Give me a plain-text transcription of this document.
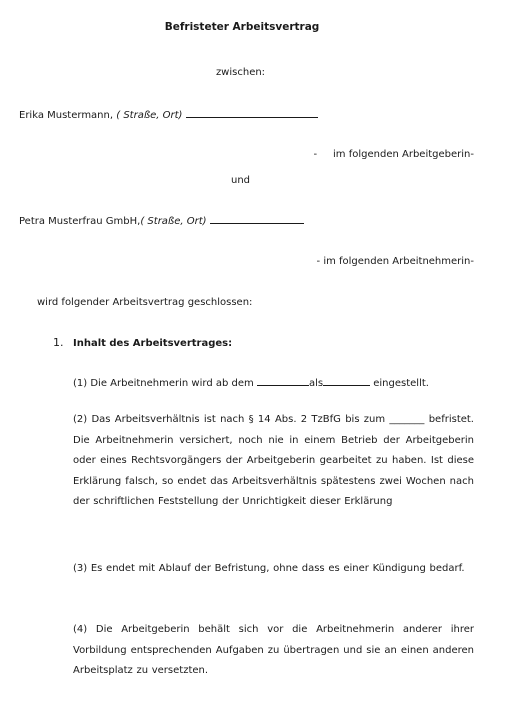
Befristeter Arbeitsvertrag
zwischen:
Erika Mustermann, ( Straße, Ort)
-     im folgenden Arbeitgeberin-
und
Petra Musterfrau GmbH,( Straße, Ort)
- im folgenden Arbeitnehmerin-
wird folgender Arbeitsvertrag geschlossen:
1. Inhalt des Arbeitsvertrages:
(1) Die Arbeitnehmerin wird ab dem	als	eingestellt.
(2) Das Arbeitsverhältnis ist nach § 14 Abs. 2 TzBfG bis zum _______ befristet. Die Arbeitnehmerin versichert, noch nie in einem Betrieb der Arbeitgeberin oder eines Rechtsvorgängers der Arbeitgeberin gearbeitet zu haben. Ist diese Erklärung falsch, so endet das Arbeitsverhältnis spätestens zwei Wochen nach der schriftlichen Feststellung der Unrichtigkeit dieser Erklärung
(3) Es endet mit Ablauf der Befristung, ohne dass es einer Kündigung bedarf.
(4) Die Arbeitgeberin behält sich vor die Arbeitnehmerin anderer ihrer Vorbildung entsprechenden Aufgaben zu übertragen und sie an einen anderen Arbeitsplatz zu versetzten.
